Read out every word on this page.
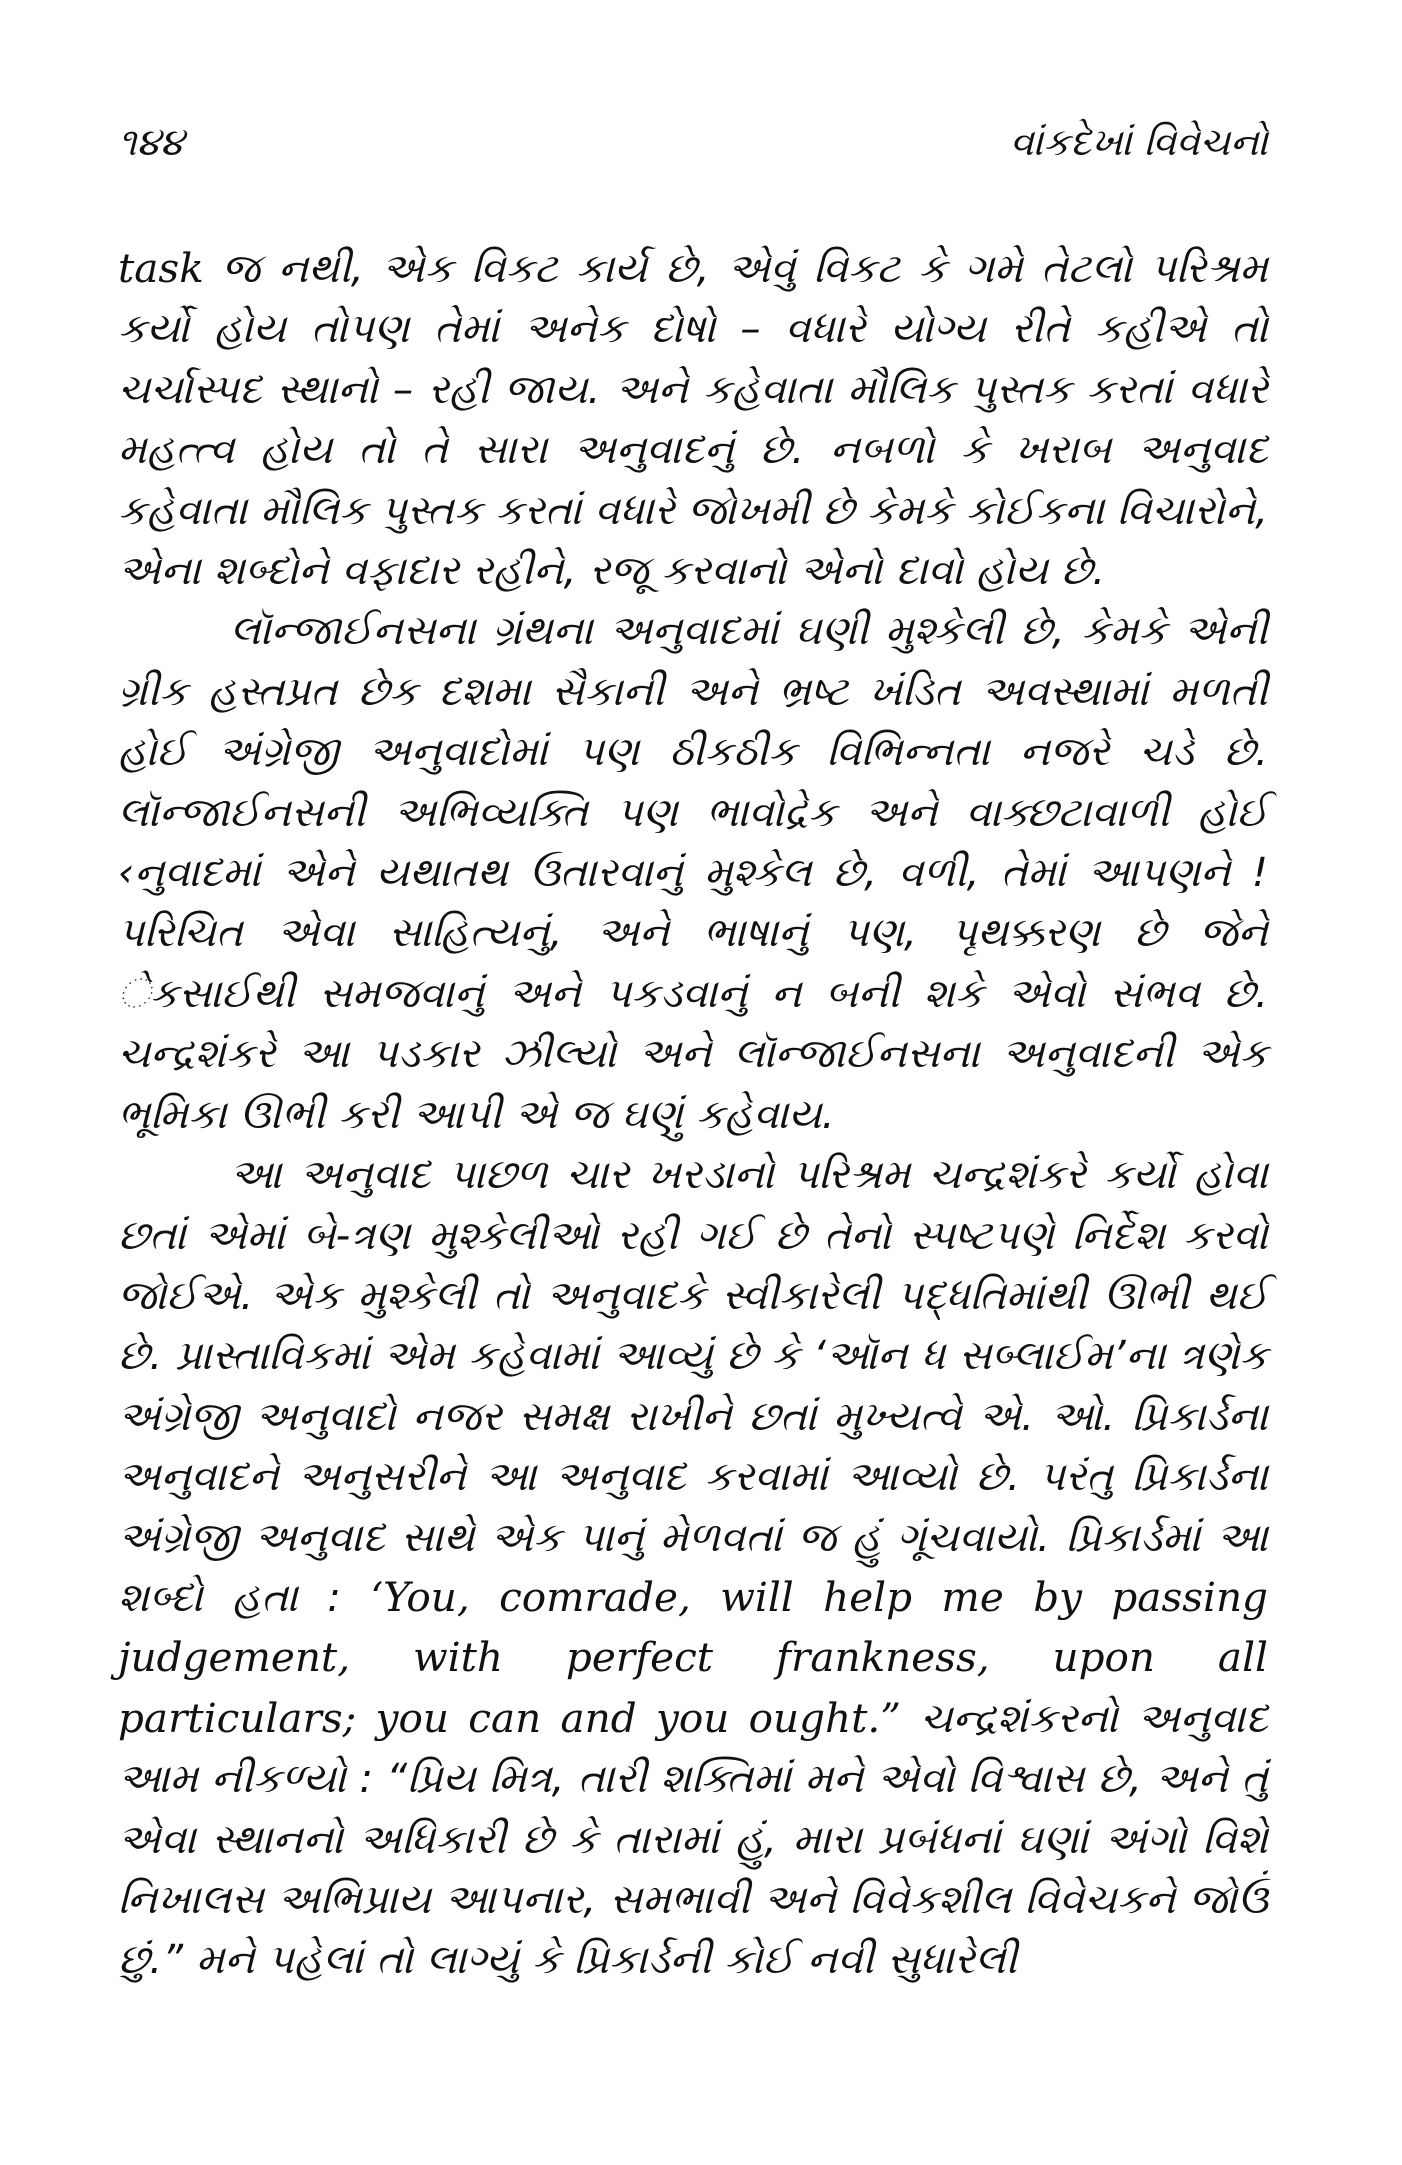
૧૪૪	વાંકદેખાં વિવેચનો

task જ નથી, એક વિકટ કાર્ય છે, એવું વિકટ કે ગમે તેટલો પરિશ્રમ કર્યો હોય તોપણ તેમાં અનેક દોષો – વધારે યોગ્ય રીતે કહીએ તો ચર્ચાસ્પદ સ્થાનો – રહી જાય. અને કહેવાતા મૌલિક પુસ્તક કરતાં વધારે મહત્ત્વ હોય તો તે સારા અનુવાદનું છે. નબળો કે ખરાબ અનુવાદ કહેવાતા મૌલિક પુસ્તક કરતાં વધારે જોખમી છે કેમકે કોઈકના વિચારોને, એના શબ્દોને વફાદાર રહીને, રજૂ કરવાનો એનો દાવો હોય છે.

લૉન્જાઈનસના ગ્રંથના અનુવાદમાં ઘણી મુશ્કેલી છે, કેમકે એની ગ્રીક હસ્તપ્રત છેક દશમા સૈકાની અને ભ્રષ્ટ ખંડિત અવસ્થામાં મળતી હોઈ અંગ્રેજી અનુવાદોમાં પણ ઠીકઠીક વિભિન્નતા નજરે ચડે છે. લૉન્જાઈનસની અભિવ્યક્તિ પણ ભાવોદ્રેક અને વાક્છટાવાળી હોઈ ‹નુવાદમાં એને યથાતથ ઉતારવાનું મુશ્કેલ છે, વળી, તેમાં આપણને !પરિચિત એવા સાહિત્યનું, અને ભાષાનું પણ, પૃથક્કરણ છે જેને ેકસાઈથી સમજવાનું અને પકડવાનું ન બની શકે એવો સંભવ છે. ચન્દ્રશંકરે આ પડકાર ઝીલ્યો અને લૉન્જાઈનસના અનુવાદની એક ભૂમિકા ઊભી કરી આપી એ જ ઘણું કહેવાય.

આ અનુવાદ પાછળ ચાર ખરડાનો પરિશ્રમ ચન્દ્રશંકરે કર્યો હોવા છતાં એમાં બે-ત્રણ મુશ્કેલીઓ રહી ગઈ છે તેનો સ્પષ્ટપણે નિર્દેશ કરવો જોઈએ. એક મુશ્કેલી તો અનુવાદકે સ્વીકારેલી પદ્ધતિમાંથી ઊભી થઈ છે. પ્રાસ્તાવિકમાં એમ કહેવામાં આવ્યું છે કે ‘ઑન ધ સબ્લાઈમ’ના ત્રણેક અંગ્રેજી અનુવાદો નજર સમક્ષ રાખીને છતાં મુખ્યત્વે એ. ઓ. પ્રિકાર્ડના અનુવાદને અનુસરીને આ અનુવાદ કરવામાં આવ્યો છે. પરંતુ પ્રિકાર્ડના અંગ્રેજી અનુવાદ સાથે એક પાનું મેળવતાં જ હું ગૂંચવાયો. પ્રિકાર્ડમાં આ શબ્દો હતા : ‘You, comrade, will help me by passing judgement, with perfect frankness, upon all particulars; you can and you ought.” ચન્દ્રશંકરનો અનુવાદ આમ નીકળ્યો : “પ્રિય મિત્ર, તારી શક્તિમાં મને એવો વિશ્વાસ છે, અને તું એવા સ્થાનનો અધિકારી છે કે તારામાં હું, મારા પ્રબંધનાં ઘણાં અંગો વિશે નિખાલસ અભિપ્રાય આપનાર, સમભાવી અને વિવેકશીલ વિવેચકને જોઉં છું.” મને પહેલાં તો લાગ્યું કે પ્રિકાર્ડની કોઈ નવી સુધારેલી
